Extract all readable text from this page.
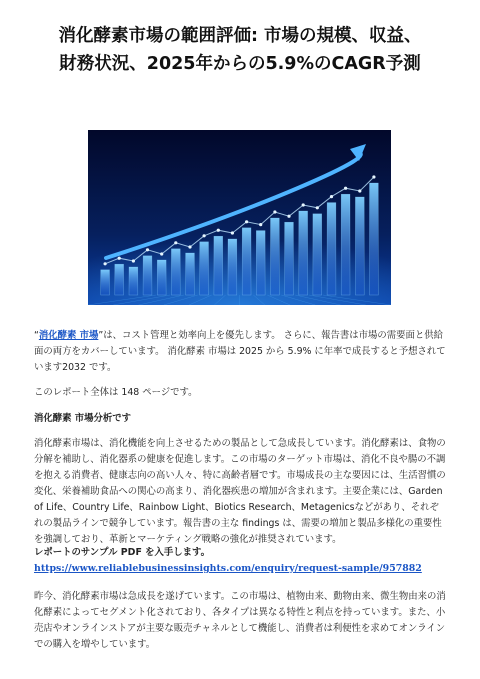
消化酵素市場の範囲評価: 市場の規模、収益、
財務状況、2025年からの5.9%のCAGR予測

“消化酵素 市場”は、コスト管理と効率向上を優先します。 さらに、報告書は市場の需要面と供給面の両方をカバーしています。 消化酵素 市場は 2025 から 5.9% に年率で成長すると予想されています2032 です。

このレポート全体は 148 ページです。

消化酵素 市場分析です

消化酵素市場は、消化機能を向上させるための製品として急成長しています。消化酵素は、食物の分解を補助し、消化器系の健康を促進します。この市場のターゲット市場は、消化不良や腸の不調を抱える消費者、健康志向の高い人々、特に高齢者層です。市場成長の主な要因には、生活習慣の変化、栄養補助食品への関心の高まり、消化器疾患の増加が含まれます。主要企業には、Garden of Life、Country Life、Rainbow Light、Biotics Research、Metagenicsなどがあり、それぞれの製品ラインで競争しています。報告書の主な findings は、需要の増加と製品多様化の重要性を強調しており、革新とマーケティング戦略の強化が推奨されています。

レポートのサンプル PDF を入手します。https://www.reliablebusinessinsights.com/enquiry/request-sample/957882

昨今、消化酵素市場は急成長を遂げています。この市場は、植物由来、動物由来、微生物由来の消化酵素によってセグメント化されており、各タイプは異なる特性と利点を持っています。また、小売店やオンラインストアが主要な販売チャネルとして機能し、消費者は利便性を求めてオンラインでの購入を増やしています。
